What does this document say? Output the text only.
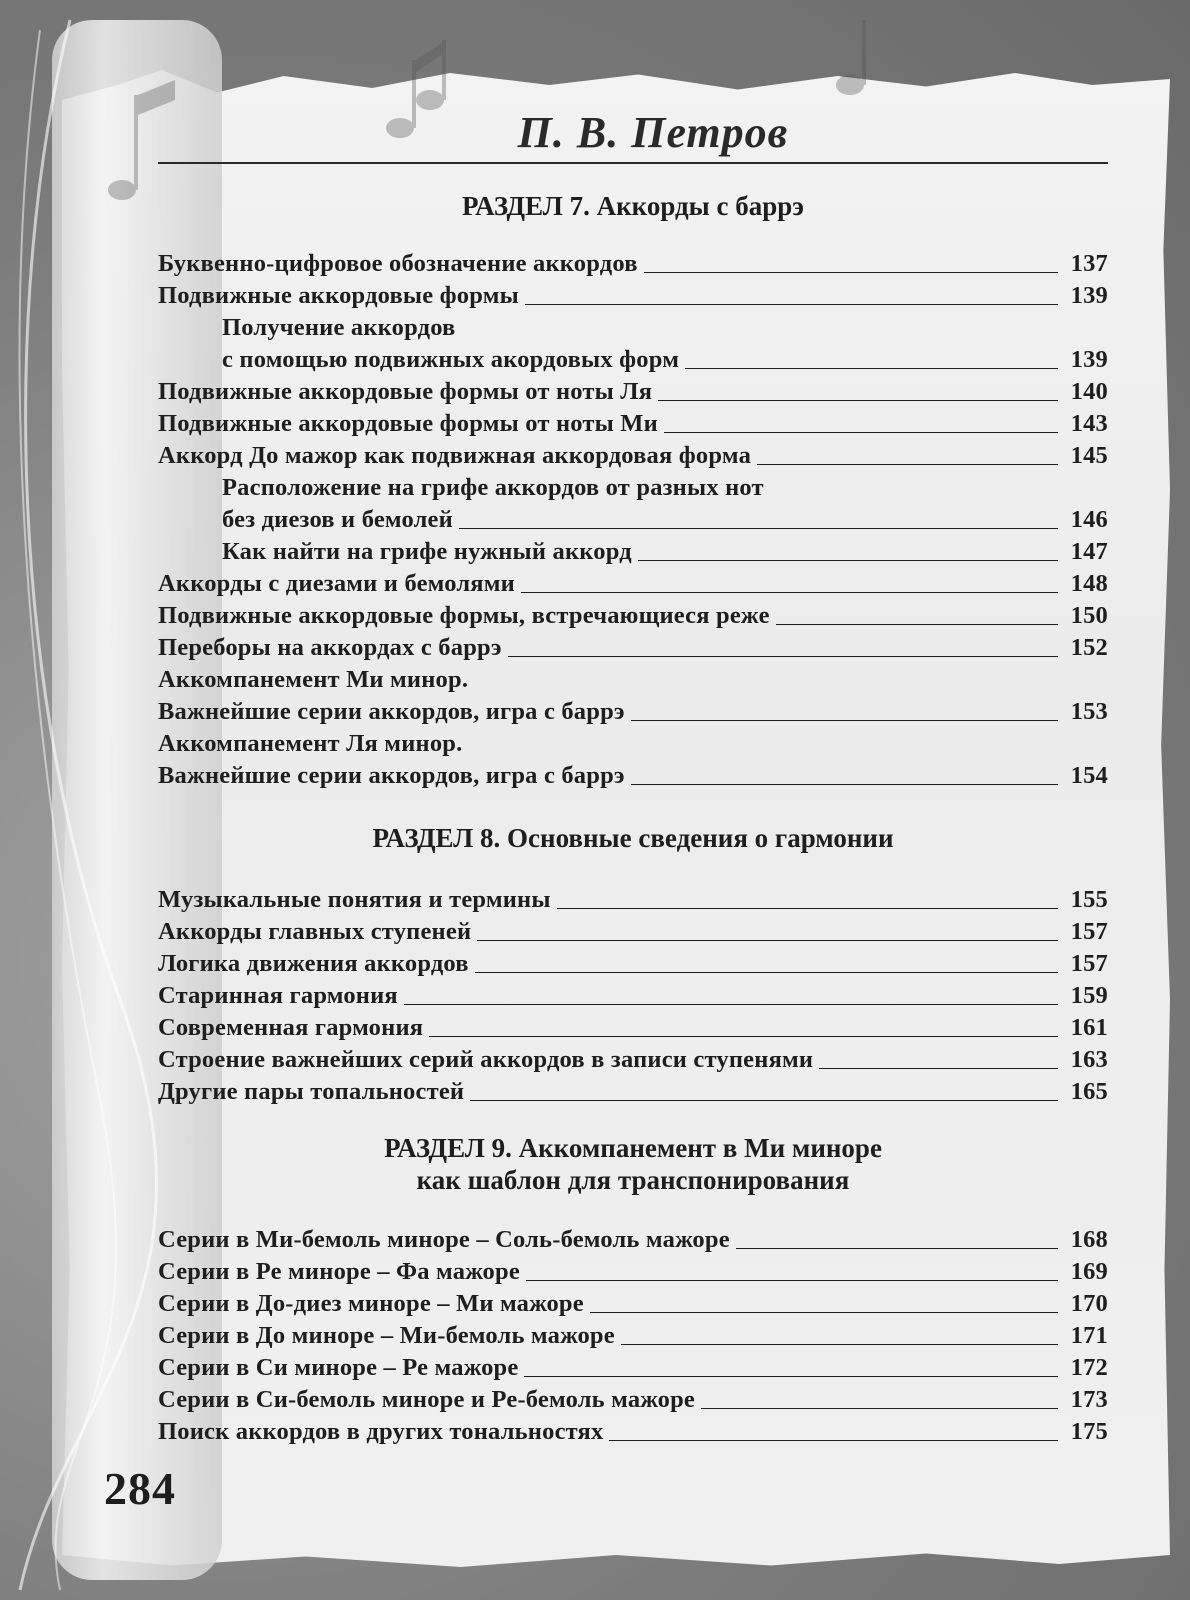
П. В. Петров
РАЗДЕЛ 7. Аккорды с баррэ
Буквенно-цифровое обозначение аккордов	137
Подвижные аккордовые формы	139
Получение аккордов
с помощью подвижных акордовых форм	139
Подвижные аккордовые формы от ноты Ля	140
Подвижные аккордовые формы от ноты Ми	143
Аккорд До мажор как подвижная аккордовая форма	145
Расположение на грифе аккордов от разных нот
без диезов и бемолей	146
Как найти на грифе нужный аккорд	147
Аккорды с диезами и бемолями	148
Подвижные аккордовые формы, встречающиеся реже	150
Переборы на аккордах с баррэ	152
Аккомпанемент Ми минор.
Важнейшие серии аккордов, игра с баррэ	153
Аккомпанемент Ля минор.
Важнейшие серии аккордов, игра с баррэ	154
РАЗДЕЛ 8. Основные сведения о гармонии
Музыкальные понятия и термины	155
Аккорды главных ступеней	157
Логика движения аккордов	157
Старинная гармония	159
Современная гармония	161
Строение важнейших серий аккордов в записи ступенями	163
Другие пары топальностей	165
РАЗДЕЛ 9. Аккомпанемент в Ми миноре
как шаблон для транспонирования
Серии в Ми-бемоль миноре – Соль-бемоль мажоре	168
Серии в Ре миноре – Фа мажоре	169
Серии в До-диез миноре – Ми мажоре	170
Серии в До миноре – Ми-бемоль мажоре	171
Серии в Си миноре – Ре мажоре	172
Серии в Си-бемоль миноре и Ре-бемоль мажоре	173
Поиск аккордов в других тональностях	175
284
